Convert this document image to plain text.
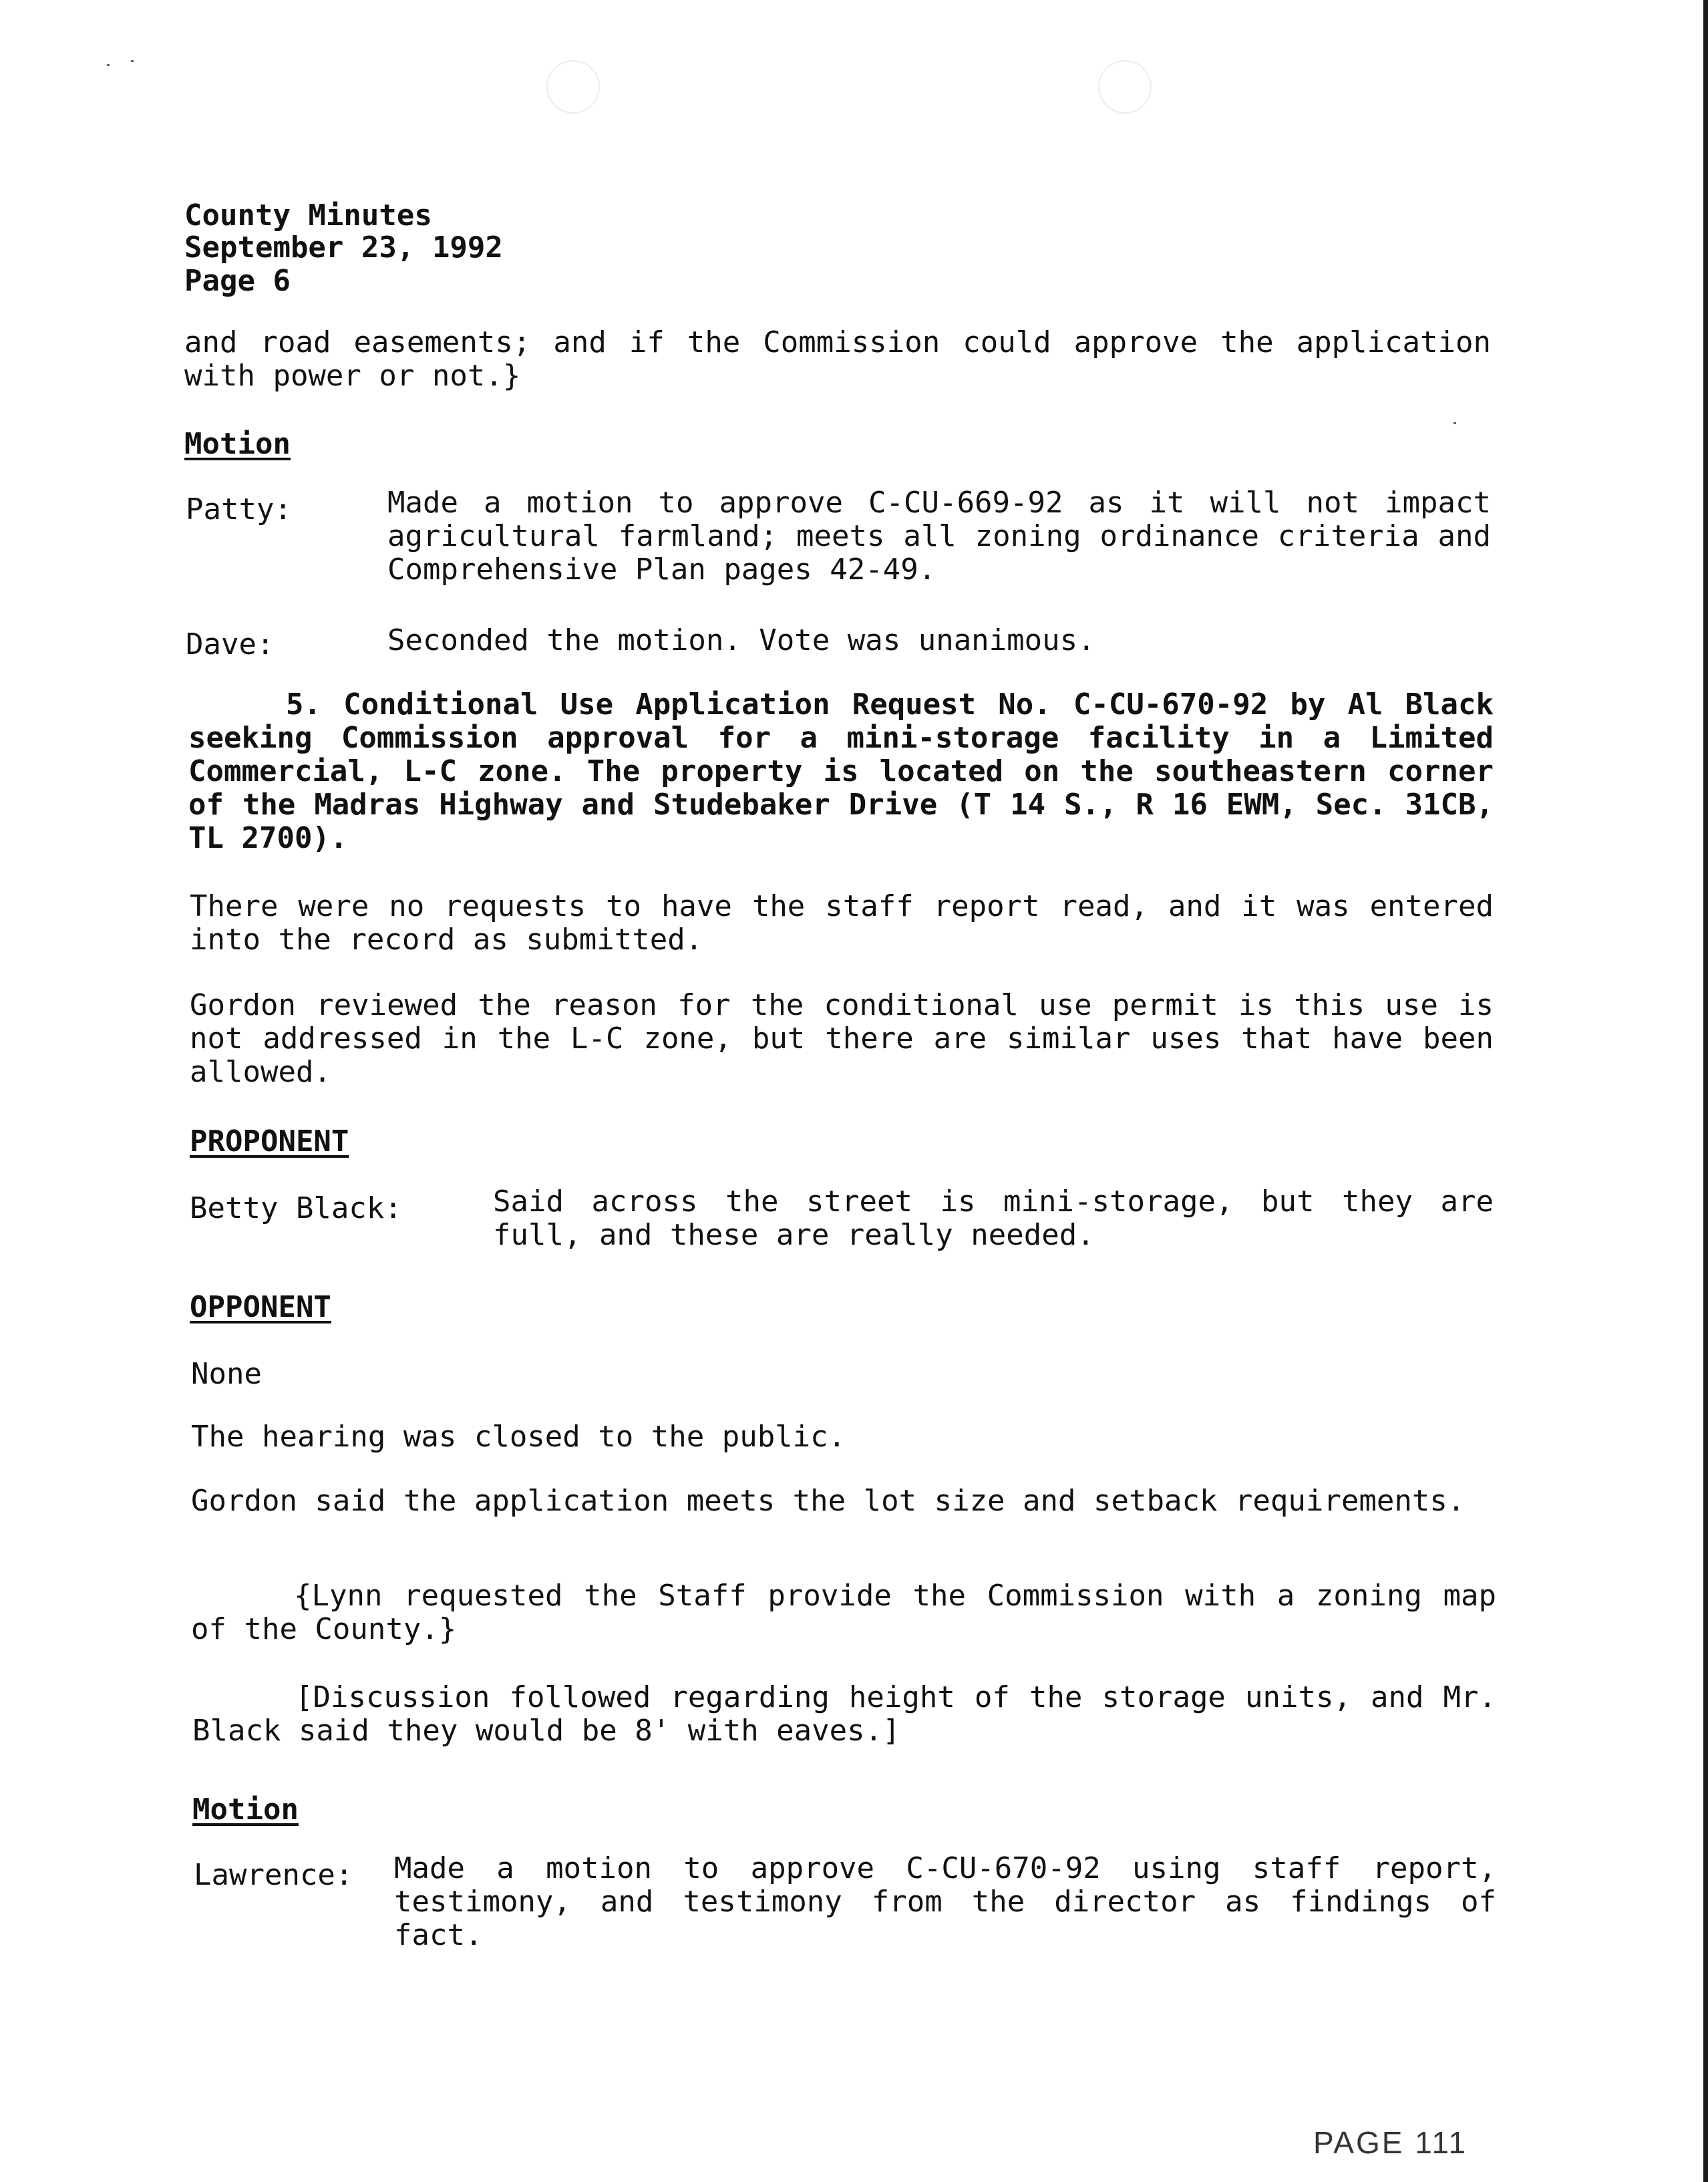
County Minutes

September 23, 1992

Page 6

and road easements; and if the Commission could approve the application with power or not.}

Motion

Patty:	Made a motion to approve C-CU-669-92 as it will not impact agricultural farmland; meets all zoning ordinance criteria and Comprehensive Plan pages 42-49.

Dave:	Seconded the motion. Vote was unanimous.

5. Conditional Use Application Request No. C-CU-670-92 by Al Black seeking Commission approval for a mini-storage facility in a Limited Commercial, L-C zone. The property is located on the southeastern corner of the Madras Highway and Studebaker Drive (T 14 S., R 16 EWM, Sec. 31CB, TL 2700).

There were no requests to have the staff report read, and it was entered into the record as submitted.

Gordon reviewed the reason for the conditional use permit is this use is not addressed in the L-C zone, but there are similar uses that have been allowed.

PROPONENT

Betty Black:	Said across the street is mini-storage, but they are full, and these are really needed.

OPPONENT

None

The hearing was closed to the public.

Gordon said the application meets the lot size and setback requirements.

{Lynn requested the Staff provide the Commission with a zoning map of the County.}

[Discussion followed regarding height of the storage units, and Mr. Black said they would be 8' with eaves.]

Motion

Lawrence: Made a motion to approve C-CU-670-92 using staff report, testimony, and testimony from the director as findings of fact.

PAGE 111
